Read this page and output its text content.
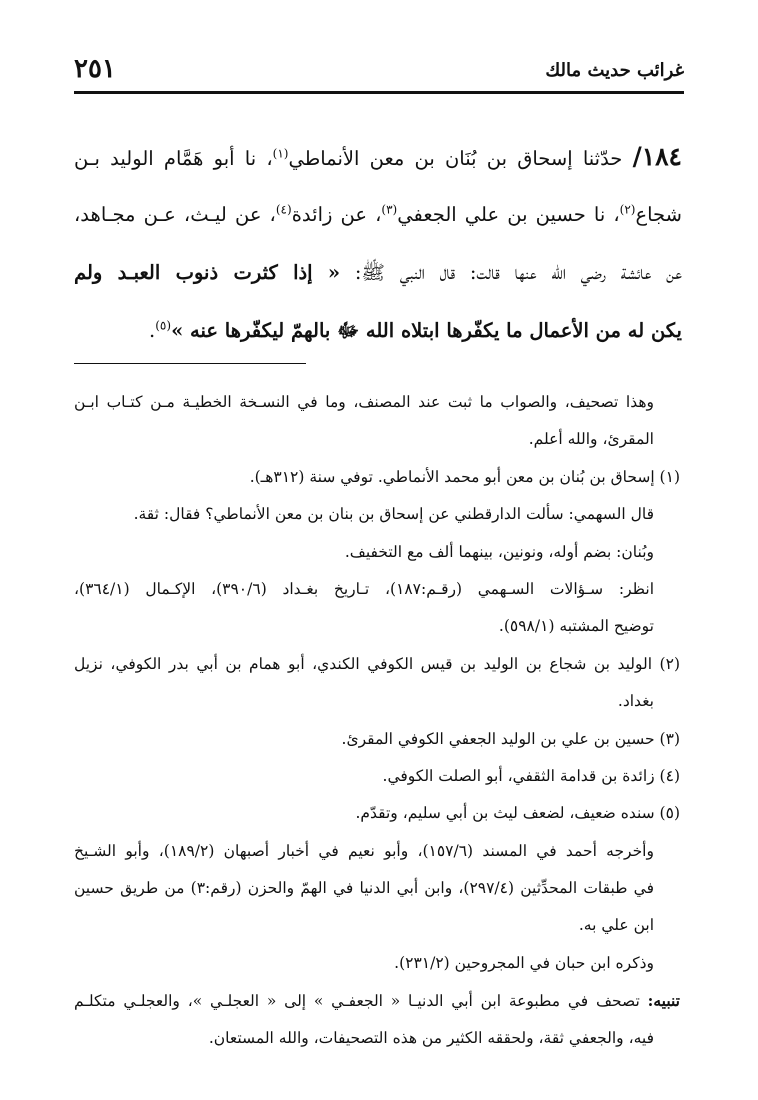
غرائب حديث مالك
٢٥١
١٨٤/ حدّثنا إسحاق بن بُنَان بن معن الأنماطي$^{(١)}$، نا أبو هَمَّام الوليد بـن
شجاع$^{(٢)}$، نا حسين بن علي الجعفي$^{(٣)}$، عن زائدة$^{(٤)}$، عن ليـث، عـن مجـاهد،
عن عائشة رضي الله عنها قالت: قال النبي ﷺ: « إذا كثرت ذنوب العبـد ولم
يكن له من الأعمال ما يكفّرها ابتلاه الله ﷻ بالهمّ ليكفّرها عنه »$^{(٥)}$.
وهذا تصحيف، والصواب ما ثبت عند المصنف، وما في النسـخة الخطيـة مـن كتـاب ابـن
المقرئ، والله أعلم.
(١) إسحاق بن بُنان بن معن أبو محمد الأنماطي. توفي سنة (٣١٢هـ).
قال السهمي: سألت الدارقطني عن إسحاق بن بنان بن معن الأنماطي؟ فقال: ثقة.
وبُنان: بضم أوله، ونونين، بينهما ألف مع التخفيف.
انظر: سـؤالات السـهمي (رقـم:١٨٧)، تـاريخ بغـداد (٣٩٠/٦)، الإكـمال (٣٦٤/١)،
توضيح المشتبه (٥٩٨/١).
(٢) الوليد بن شجاع بن الوليد بن قيس الكوفي الكندي، أبو همام بن أبي بدر الكوفي، نزيل
بغداد.
(٣) حسين بن علي بن الوليد الجعفي الكوفي المقرئ.
(٤) زائدة بن قدامة الثقفي، أبو الصلت الكوفي.
(٥) سنده ضعيف، لضعف ليث بن أبي سليم، وتقدّم.
وأخرجه أحمد في المسند (١٥٧/٦)، وأبو نعيم في أخبار أصبهان (١٨٩/٢)، وأبو الشـيخ
في طبقات المحدِّثين (٢٩٧/٤)، وابن أبي الدنيا في الهمّ والحزن (رقم:٣) من طريق حسين
ابن علي به.
وذكره ابن حبان في المجروحين (٢٣١/٢).
تنبيه: تصحف في مطبوعة ابن أبي الدنيـا « الجعفـي » إلى « العجلـي »، والعجلـي متكلـم
فيه، والجعفي ثقة، ولحققه الكثير من هذه التصحيفات، والله المستعان.
